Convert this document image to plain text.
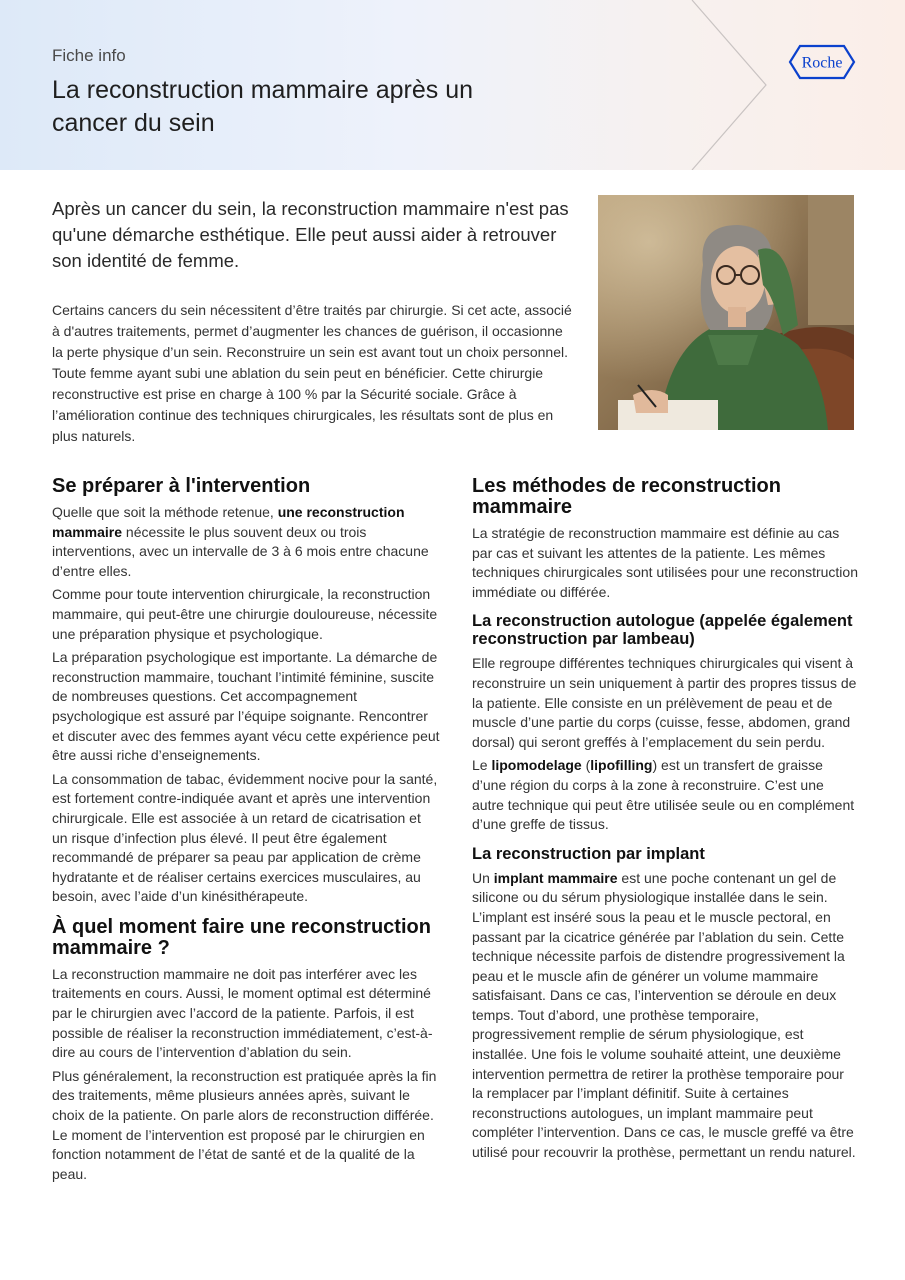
Fiche info
La reconstruction mammaire après un cancer du sein
Roche
Après un cancer du sein, la reconstruction mammaire n'est pas qu'une démarche esthétique. Elle peut aussi aider à retrouver son identité de femme.
Certains cancers du sein nécessitent d’être traités par chirurgie. Si cet acte, associé à d'autres traitements, permet d’augmenter les chances de guérison, il occasionne la perte physique d’un sein. Reconstruire un sein est avant tout un choix personnel. Toute femme ayant subi une ablation du sein peut en bénéficier. Cette chirurgie reconstructive est prise en charge à 100 % par la Sécurité sociale. Grâce à l’amélioration continue des techniques chirurgicales, les résultats sont de plus en plus naturels.
Se préparer à l'intervention

Quelle que soit la méthode retenue, une reconstruction mammaire nécessite le plus souvent deux ou trois interventions, avec un intervalle de 3 à 6 mois entre chacune d’entre elles.

Comme pour toute intervention chirurgicale, la reconstruction mammaire, qui peut-être une chirurgie douloureuse, nécessite une préparation physique et psychologique.

La préparation psychologique est importante. La démarche de reconstruction mammaire, touchant l’intimité féminine, suscite de nombreuses questions. Cet accompagnement psychologique est assuré par l’équipe soignante. Rencontrer et discuter avec des femmes ayant vécu cette expérience peut être aussi riche d’enseignements.

La consommation de tabac, évidemment nocive pour la santé, est fortement contre-indiquée avant et après une intervention chirurgicale. Elle est associée à un retard de cicatrisation et un risque d’infection plus élevé. Il peut être également recommandé de préparer sa peau par application de crème hydratante et de réaliser certains exercices musculaires, au besoin, avec l’aide d’un kinésithérapeute.

À quel moment faire une reconstruction mammaire ?

La reconstruction mammaire ne doit pas interférer avec les traitements en cours. Aussi, le moment optimal est déterminé par le chirurgien avec l’accord de la patiente. Parfois, il est possible de réaliser la reconstruction immédiatement, c’est-à-dire au cours de l’intervention d’ablation du sein.

Plus généralement, la reconstruction est pratiquée après la fin des traitements, même plusieurs années après, suivant le choix de la patiente. On parle alors de reconstruction différée. Le moment de l’intervention est proposé par le chirurgien en fonction notamment de l’état de santé et de la qualité de la peau.

Les méthodes de reconstruction mammaire

La stratégie de reconstruction mammaire est définie au cas par cas et suivant les attentes de la patiente. Les mêmes techniques chirurgicales sont utilisées pour une reconstruction immédiate ou différée.

La reconstruction autologue (appelée également reconstruction par lambeau)

Elle regroupe différentes techniques chirurgicales qui visent à reconstruire un sein uniquement à partir des propres tissus de la patiente. Elle consiste en un prélèvement de peau et de muscle d’une partie du corps (cuisse, fesse, abdomen, grand dorsal) qui seront greffés à l’emplacement du sein perdu.

Le lipomodelage (lipofilling) est un transfert de graisse d’une région du corps à la zone à reconstruire. C’est une autre technique qui peut être utilisée seule ou en complément d’une greffe de tissus.

La reconstruction par implant

Un implant mammaire est une poche contenant un gel de silicone ou du sérum physiologique installée dans le sein. L’implant est inséré sous la peau et le muscle pectoral, en passant par la cicatrice générée par l’ablation du sein. Cette technique nécessite parfois de distendre progressivement la peau et le muscle afin de générer un volume mammaire satisfaisant. Dans ce cas, l’intervention se déroule en deux temps. Tout d’abord, une prothèse temporaire, progressivement remplie de sérum physiologique, est installée. Une fois le volume souhaité atteint, une deuxième intervention permettra de retirer la prothèse temporaire pour la remplacer par l’implant définitif. Suite à certaines reconstructions autologues, un implant mammaire peut compléter l’intervention. Dans ce cas, le muscle greffé va être utilisé pour recouvrir la prothèse, permettant un rendu naturel.
